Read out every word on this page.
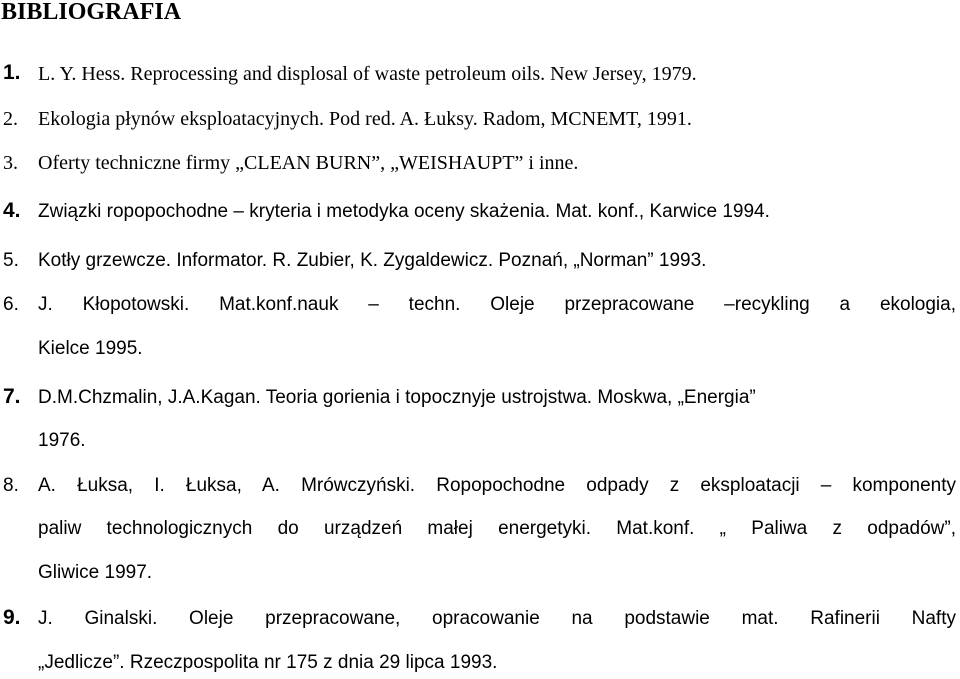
BIBLIOGRAFIA
1. L. Y. Hess. Reprocessing and displosal of waste petroleum oils. New Jersey, 1979.
2. Ekologia płynów eksploatacyjnych. Pod red. A. Łuksy. Radom, MCNEMT, 1991.
3. Oferty techniczne firmy „CLEAN BURN”, „WEISHAUPT” i inne.
4. Związki ropopochodne – kryteria i metodyka oceny skażenia. Mat. konf., Karwice 1994.
5. Kotły grzewcze. Informator. R. Zubier, K. Zygaldewicz. Poznań, „Norman” 1993.
6. J. Kłopotowski. Mat.konf.nauk – techn. Oleje przepracowane –recykling a ekologia,
Kielce 1995.
7. D.M.Chzmalin, J.A.Kagan. Teoria gorienia i topocznyje ustrojstwa. Moskwa, „Energia”
1976.
8. A. Łuksa, I. Łuksa, A. Mrówczyński. Ropopochodne odpady z eksploatacji – komponenty
paliw technologicznych do urządzeń małej energetyki. Mat.konf. „ Paliwa z odpadów”,
Gliwice 1997.
9. J. Ginalski. Oleje przepracowane, opracowanie na podstawie mat. Rafinerii Nafty
„Jedlicze”. Rzeczpospolita nr 175 z dnia 29 lipca 1993.
